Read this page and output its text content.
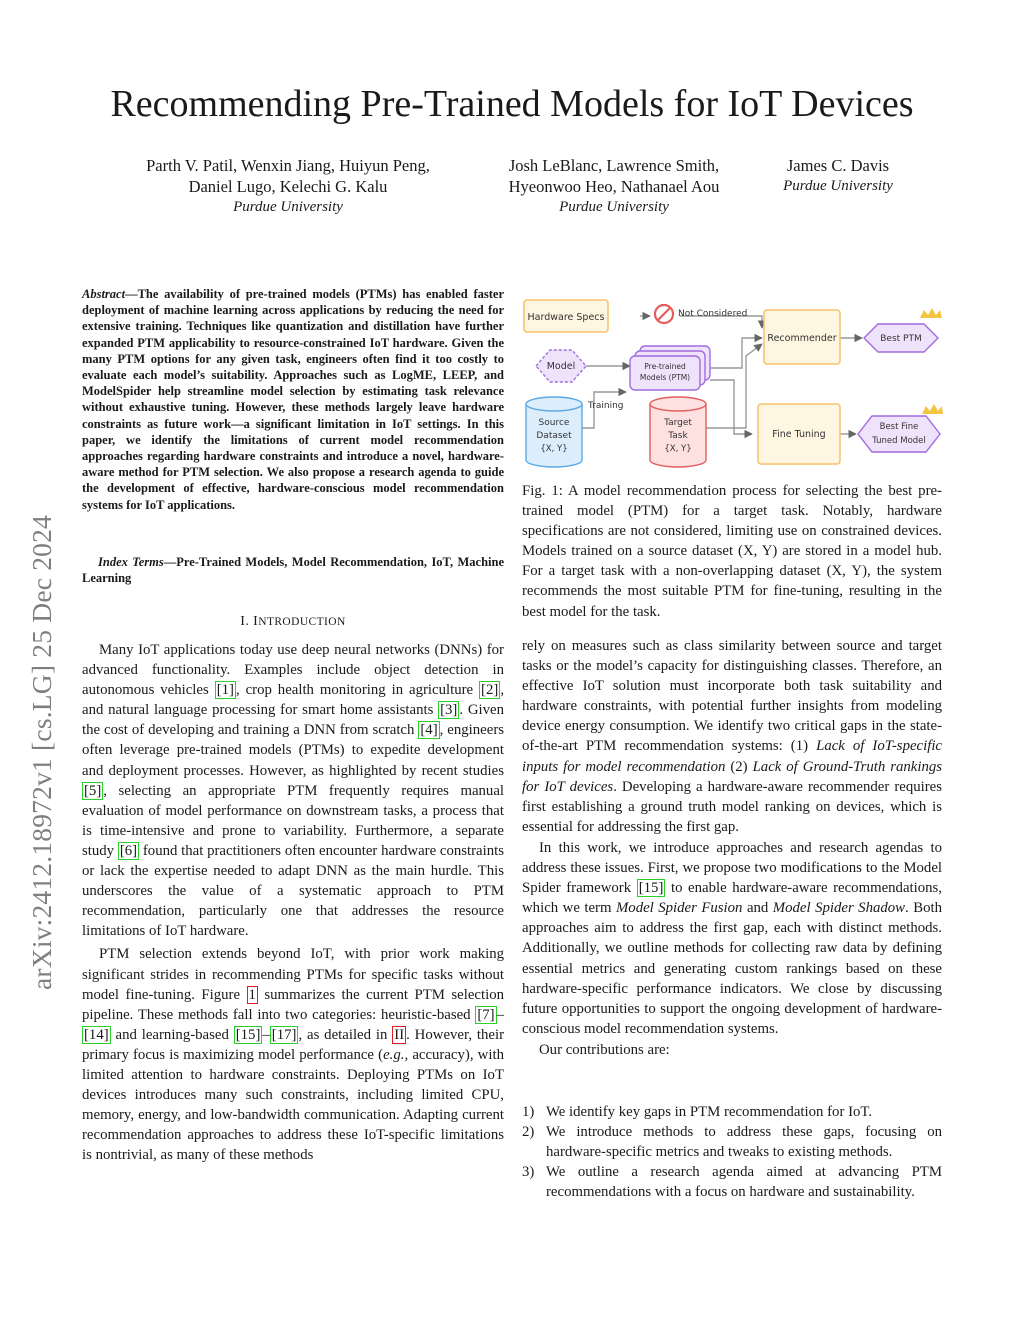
arXiv:2412.18972v1 [cs.LG] 25 Dec 2024
Recommending Pre-Trained Models for IoT Devices
Parth V. Patil, Wenxin Jiang, Huiyun Peng,
Daniel Lugo, Kelechi G. Kalu
Purdue University
Josh LeBlanc, Lawrence Smith,
Hyeonwoo Heo, Nathanael Aou
Purdue University
James C. Davis
Purdue University

Abstract—The availability of pre-trained models (PTMs) has enabled faster deployment of machine learning across applications by reducing the need for extensive training. Techniques like quantization and distillation have further expanded PTM applicability to resource-constrained IoT hardware. Given the many PTM options for any given task, engineers often find it too costly to evaluate each model’s suitability. Approaches such as LogME, LEEP, and ModelSpider help streamline model selection by estimating task relevance without exhaustive tuning. However, these methods largely leave hardware constraints as future work—a significant limitation in IoT settings. In this paper, we identify the limitations of current model recommendation approaches regarding hardware constraints and introduce a novel, hardware-aware method for PTM selection. We also propose a research agenda to guide the development of effective, hardware-conscious model recommendation systems for IoT applications.

Index Terms—Pre-Trained Models, Model Recommendation, IoT, Machine Learning

I. INTRODUCTION

Many IoT applications today use deep neural networks (DNNs) for advanced functionality. Examples include object detection in autonomous vehicles [1] , crop health monitoring in agriculture [2] , and natural language processing for smart home assistants [3] . Given the cost of developing and training a DNN from scratch [4] , engineers often leverage pre-trained models (PTMs) to expedite development and deployment processes. However, as highlighted by recent studies [5] , selecting an appropriate PTM frequently requires manual evaluation of model performance on downstream tasks, a process that is time-intensive and prone to variability. Furthermore, a separate study [6] found that practitioners often encounter hardware constraints or lack the expertise needed to adapt DNN as the main hurdle. This underscores the value of a systematic approach to PTM recommendation, particularly one that addresses the resource limitations of IoT hardware.

PTM selection extends beyond IoT, with prior work making significant strides in recommending PTMs for specific tasks without model fine-tuning. Figure 1 summarizes the current PTM selection pipeline. These methods fall into two categories: heuristic-based [7] –[14] and learning-based [15] – [17] , as detailed in II . However, their primary focus is maximizing model performance (e.g., accuracy), with limited attention to hardware constraints. Deploying PTMs on IoT devices introduces many such constraints, including limited CPU, memory, energy, and low-bandwidth communication. Adapting current recommendation approaches to address these IoT-specific limitations is nontrivial, as many of these methods

Hardware Specs	Not Considered
Model	Pre-trained
Models (PTM)
Training
Source
Dataset
{X, Y}
Target
Task
{X, Y}
Recommender	Best PTM
Fine Tuning
Best Fine
Tuned Model

Fig. 1: A model recommendation process for selecting the best pre-trained model (PTM) for a target task. Notably, hardware specifications are not considered, limiting use on constrained devices. Models trained on a source dataset (X, Y) are stored in a model hub. For a target task with a non-overlapping dataset (X, Y), the system recommends the most suitable PTM for fine-tuning, resulting in the best model for the task.

rely on measures such as class similarity between source and target tasks or the model’s capacity for distinguishing classes. Therefore, an effective IoT solution must incorporate both task suitability and hardware constraints, with potential further insights from modeling device energy consumption. We identify two critical gaps in the state-of-the-art PTM recommendation systems: (1) Lack of IoT-specific inputs for model recommendation (2) Lack of Ground-Truth rankings for IoT devices. Developing a hardware-aware recommender requires first establishing a ground truth model ranking on devices, which is essential for addressing the first gap.

In this work, we introduce approaches and research agendas to address these issues. First, we propose two modifications to the Model Spider framework [15] to enable hardware-aware recommendations, which we term Model Spider Fusion and Model Spider Shadow. Both approaches aim to address the first gap, each with distinct methods. Additionally, we outline methods for collecting raw data by defining essential metrics and generating custom rankings based on these hardware-specific performance indicators. We close by discussing future opportunities to support the ongoing development of hardware-conscious model recommendation systems.

Our contributions are:

1) We identify key gaps in PTM recommendation for IoT.
2) We introduce methods to address these gaps, focusing on hardware-specific metrics and tweaks to existing methods.
3) We outline a research agenda aimed at advancing PTM recommendations with a focus on hardware and sustainability.
